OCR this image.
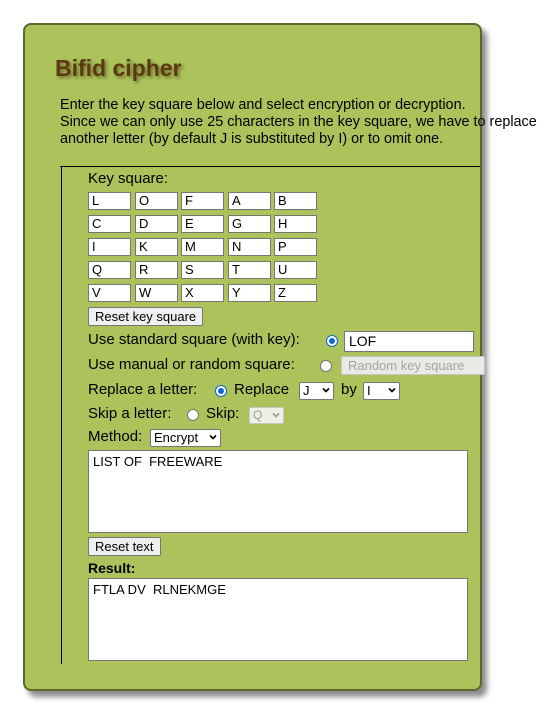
Bifid cipher
Enter the key square below and select encryption or decryption.
Since we can only use 25 characters in the key square, we have to replace
another letter (by default J is substituted by I) or to omit one.
Key square:
L	O	F	A	B
C	D	E	G	H
I	K	M	N	P
Q	R	S	T	U
V	W	X	Y	Z
Reset key square
Use standard square (with key):	LOF
Use manual or random square:	Random key square
Replace a letter: Replace	J	by I
Skip a letter: Skip:	Q
Method: Encrypt
LIST OF  FREEWARE
Reset text
Result:
FTLA DV  RLNEKMGE
